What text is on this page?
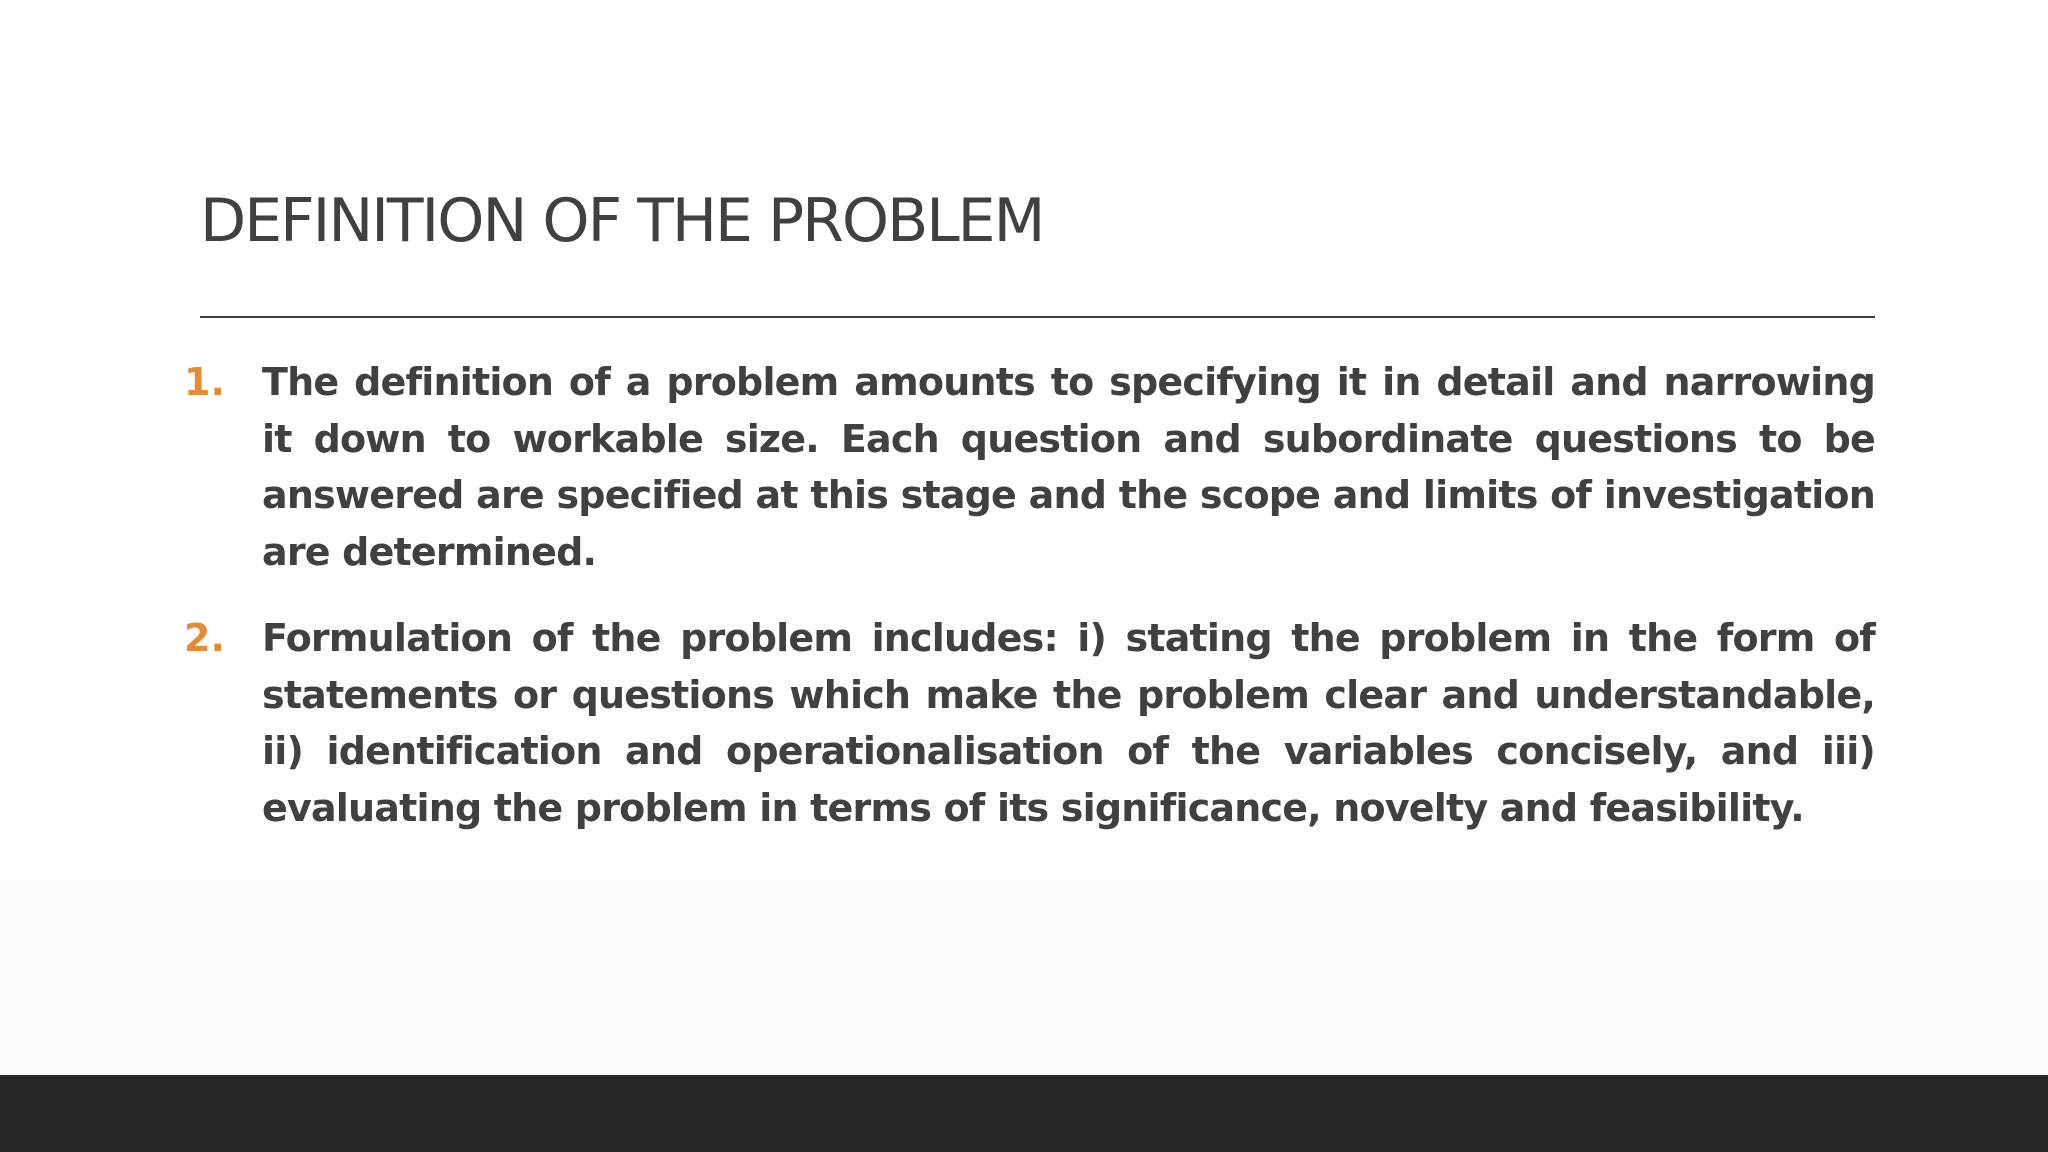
DEFINITION OF THE PROBLEM
1. The definition of a problem amounts to specifying it in detail and narrowing it down to workable size. Each question and subordinate questions to be answered are specified at this stage and the scope and limits of investigation are determined.

2. Formulation of the problem includes: i) stating the problem in the form of statements or questions which make the problem clear and understandable, ii) identification and operationalisation of the variables concisely, and iii) evaluating the problem in terms of its significance, novelty and feasibility.
